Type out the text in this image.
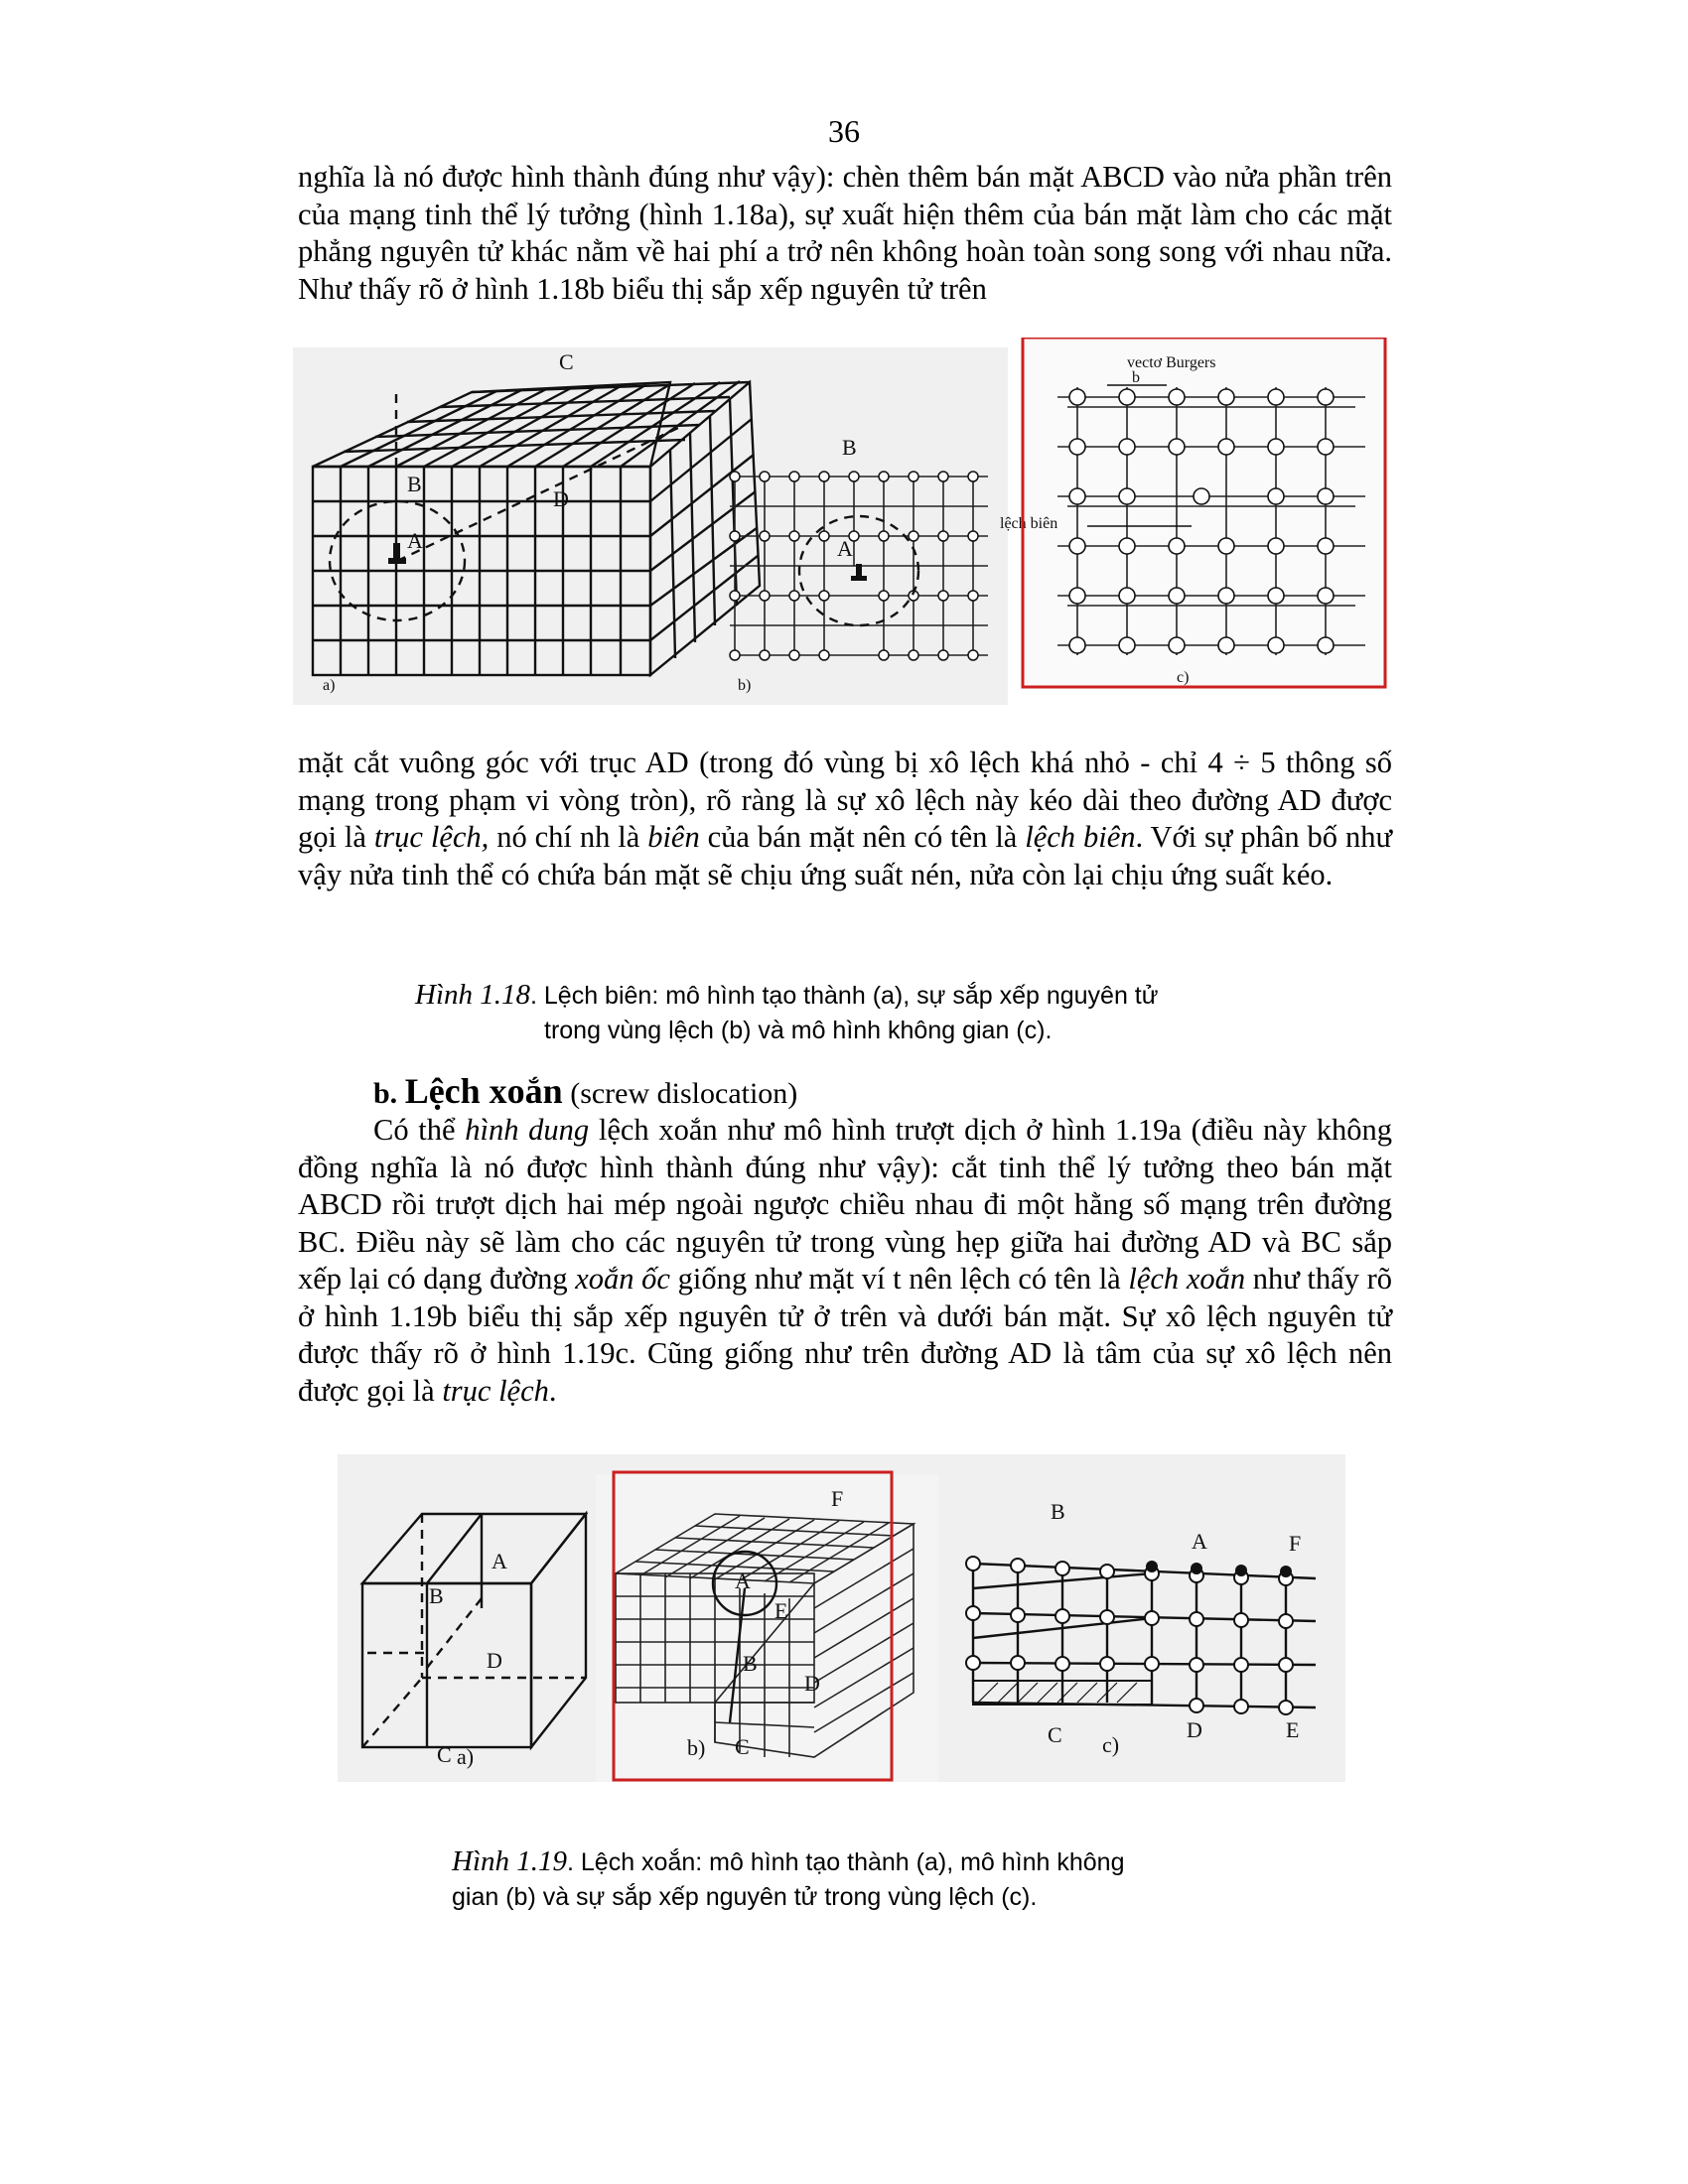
36

nghĩa là nó được hình thành đúng như vậy): chèn thêm bán mặt ABCD vào nửa phần trên của mạng tinh thể lý tưởng (hình 1.18a), sự xuất hiện thêm của bán mặt làm cho các mặt phẳng nguyên tử khác nằm về hai phí a trở nên không hoàn toàn song song với nhau nữa. Như thấy rõ ở hình 1.18b biểu thị sắp xếp nguyên tử trên

C
B
D
A
a)
B
A
b)
vectơ Burgers
b
lệch biên
c)

mặt cắt vuông góc với trục AD (trong đó vùng bị xô lệch khá nhỏ - chỉ 4 ÷ 5 thông số mạng trong phạm vi vòng tròn), rõ ràng là sự xô lệch này kéo dài theo đường AD được gọi là trục lệch, nó chí nh là biên của bán mặt nên có tên là lệch biên. Với sự phân bố như vậy nửa tinh thể có chứa bán mặt sẽ chịu ứng suất nén, nửa còn lại chịu ứng suất kéo.

Hình 1.18. Lệch biên: mô hình tạo thành (a), sự sắp xếp nguyên tử
trong vùng lệch (b) và mô hình không gian (c).
b. Lệch xoắn (screw dislocation)

Có thể hình dung lệch xoắn như mô hình trượt dịch ở hình 1.19a (điều này không đồng nghĩa là nó được hình thành đúng như vậy): cắt tinh thể lý tưởng theo bán mặt ABCD rồi trượt dịch hai mép ngoài ngược chiều nhau đi một hằng số mạng trên đường BC. Điều này sẽ làm cho các nguyên tử trong vùng hẹp giữa hai đường AD và BC sắp xếp lại có dạng đường xoắn ốc giống như mặt ví t nên lệch có tên là lệch xoắn như thấy rõ ở hình 1.19b biểu thị sắp xếp nguyên tử ở trên và dưới bán mặt. Sự xô lệch nguyên tử được thấy rõ ở hình 1.19c. Cũng giống như trên đường AD là tâm của sự xô lệch nên được gọi là trục lệch.

A
B
D
C a)
F
A
E
B
D
C
b)
B
A	F
C	D	E
c)
Hình 1.19. Lệch xoắn: mô hình tạo thành (a), mô hình không
gian (b) và sự sắp xếp nguyên tử trong vùng lệch (c).
